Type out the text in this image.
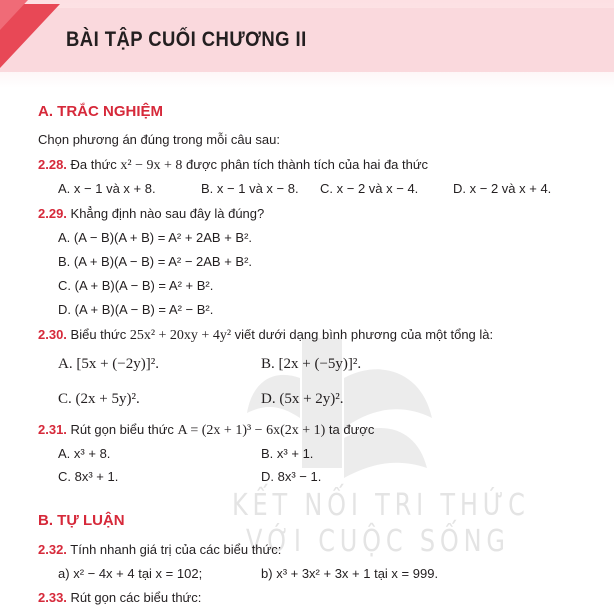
BÀI TẬP CUỐI CHƯƠNG II
KẾT NỐI TRI THỨC
VỚI CUỘC SỐNG
A. TRẮC NGHIỆM
Chọn phương án đúng trong mỗi câu sau:
2.28. Đa thức x² − 9x + 8 được phân tích thành tích của hai đa thức
A. x − 1 và x + 8.	B. x − 1 và x − 8. C. x − 2 và x − 4.	D. x − 2 và x + 4.
2.29. Khẳng định nào sau đây là đúng?
A. (A − B)(A + B) = A² + 2AB + B².
B. (A + B)(A − B) = A² − 2AB + B².
C. (A + B)(A − B) = A² + B².
D. (A + B)(A − B) = A² − B².
2.30. Biểu thức 25x² + 20xy + 4y² viết dưới dạng bình phương của một tổng là:
A. [5x + (−2y)]².	B. [2x + (−5y)]².
C. (2x + 5y)².	D. (5x + 2y)².
2.31. Rút gọn biểu thức A = (2x + 1)³ − 6x(2x + 1) ta được
A. x³ + 8.	B. x³ + 1.
C. 8x³ + 1.	D. 8x³ − 1.
B. TỰ LUẬN
2.32. Tính nhanh giá trị của các biểu thức:
a) x² − 4x + 4 tại x = 102;	b) x³ + 3x² + 3x + 1 tại x = 999.
2.33. Rút gọn các biểu thức:
